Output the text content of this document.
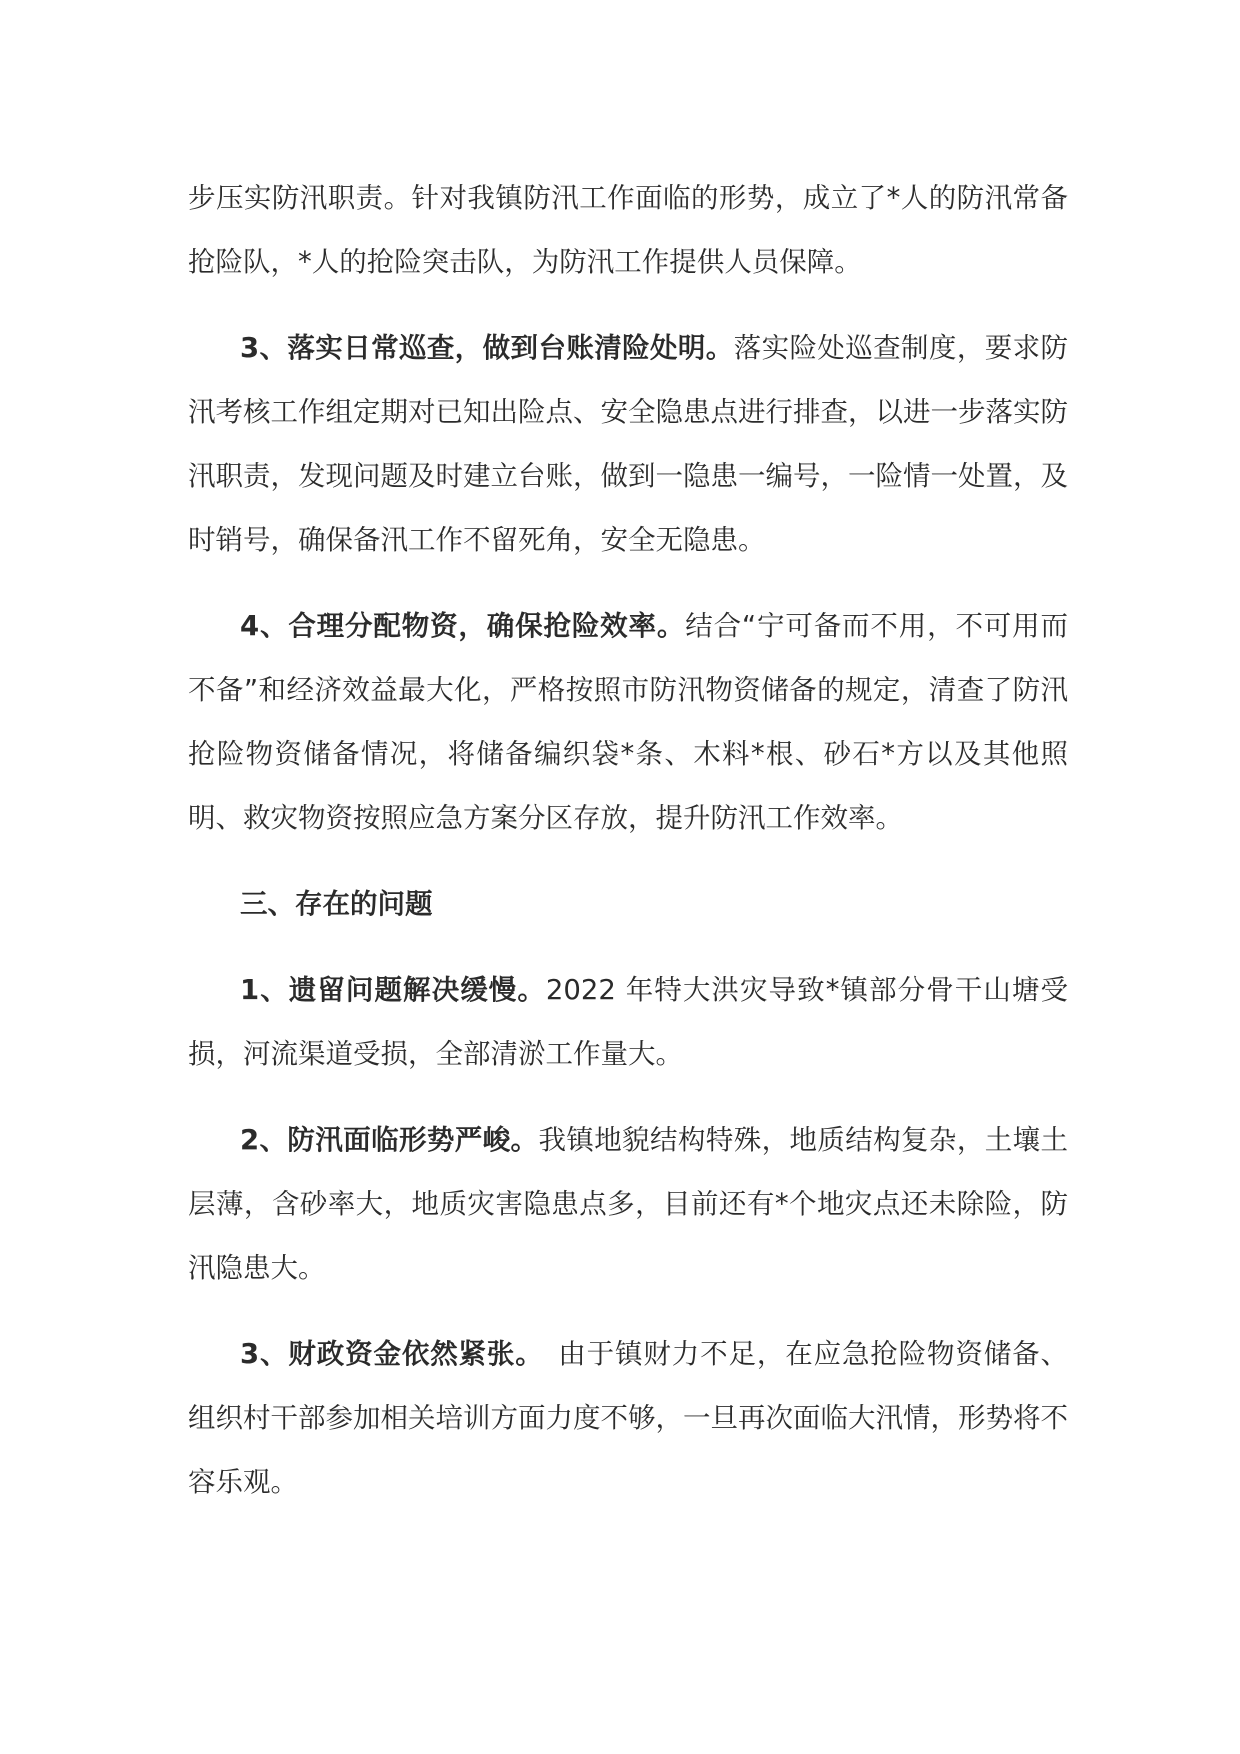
步压实防汛职责。针对我镇防汛工作面临的形势，成立了*人的防汛常备抢险队，*人的抢险突击队，为防汛工作提供人员保障。

3、落实日常巡查，做到台账清险处明。落实险处巡查制度，要求防汛考核工作组定期对已知出险点、安全隐患点进行排查，以进一步落实防汛职责，发现问题及时建立台账，做到一隐患一编号，一险情一处置，及时销号，确保备汛工作不留死角，安全无隐患。

4、合理分配物资，确保抢险效率。结合“宁可备而不用，不可用而不备”和经济效益最大化，严格按照市防汛物资储备的规定，清查了防汛抢险物资储备情况，将储备编织袋*条、木料*根、砂石*方以及其他照明、救灾物资按照应急方案分区存放，提升防汛工作效率。

三、存在的问题

1、遗留问题解决缓慢。2022 年特大洪灾导致*镇部分骨干山塘受损，河流渠道受损，全部清淤工作量大。

2、防汛面临形势严峻。我镇地貌结构特殊，地质结构复杂，土壤土层薄，含砂率大，地质灾害隐患点多，目前还有*个地灾点还未除险，防汛隐患大。

3、财政资金依然紧张。　由于镇财力不足，在应急抢险物资储备、组织村干部参加相关培训方面力度不够，一旦再次面临大汛情，形势将不容乐观。
